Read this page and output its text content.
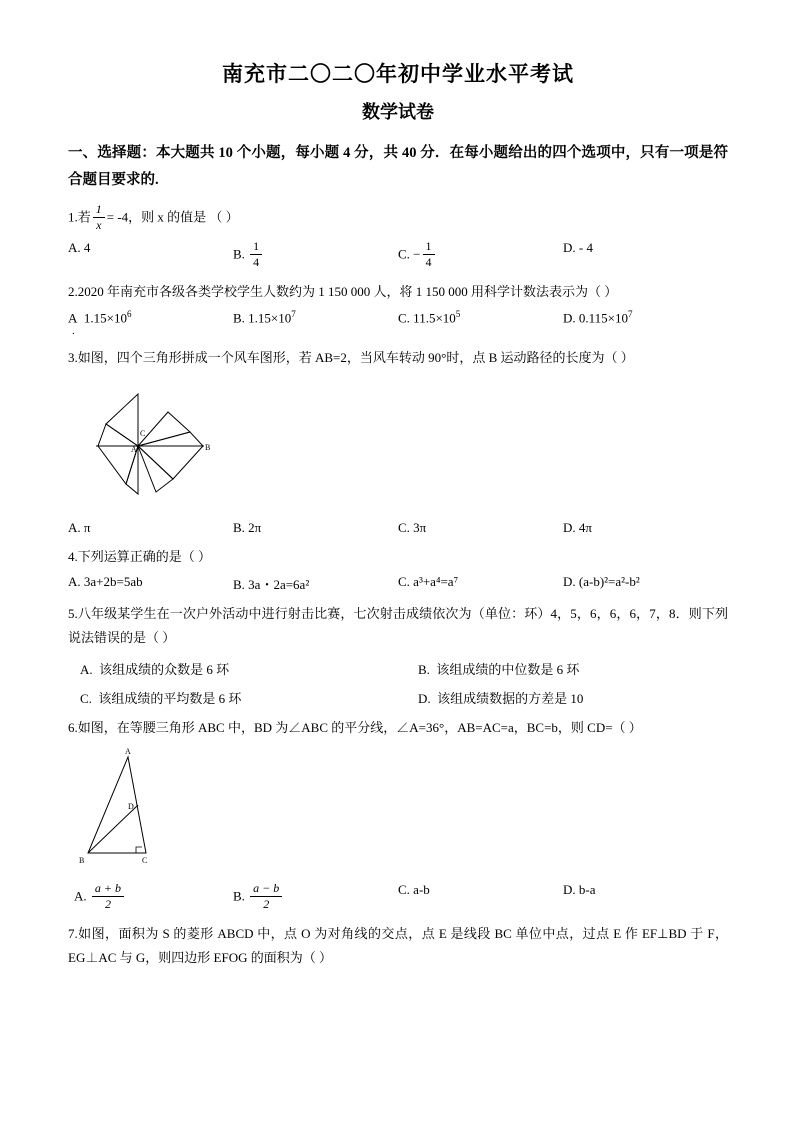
南充市二〇二〇年初中学业水平考试
数学试卷
一、选择题：本大题共 10 个小题，每小题 4 分，共 40 分．在每小题给出的四个选项中，只有一项是符合题目要求的.
1.若 $\frac{1}{x} = -4$，则 x 的值是 （ ）
A. 4	B. $\frac{1}{4}$	C. − $\frac{1}{4}$	D. - 4
2.2020 年南充市各级各类学校学生人数约为 1 150 000 人，将 1 150 000 用科学计数法表示为（ ）
A $1.15\times 10^6$	B. $1.15\times 10^7$	C. $11.5\times 10^5$	D. $0.115\times 10^7$
.
3.如图，四个三角形拼成一个风车图形，若 AB=2，当风车转动 90°时，点 B 运动路径的长度为（ ）
C
B
A
A. π	B. 2π	C. 3π	D. 4π
4.下列运算正确的是（ ）
A. 3a+2b=5ab	B. 3a・2a=6a²	C. a³+a⁴=a⁷	D. (a-b)²=a²-b²
5.八年级某学生在一次户外活动中进行射击比赛，七次射击成绩依次为（单位：环）4，5，6，6，6，7，8．则下列说法错误的是（ ）
A. 该组成绩的众数是 6 环	B. 该组成绩的中位数是 6 环
C. 该组成绩的平均数是 6 环	D. 该组成绩数据的方差是 10
6.如图，在等腰三角形 ABC 中，BD 为∠ABC 的平分线，∠A=36°，AB=AC=a，BC=b，则 CD=（ ）
A
B	C
D
A. $\frac{a + b}{2}$	B. $\frac{a - b}{2}$	C. a-b	D. b-a
7.如图，面积为 S 的菱形 ABCD 中，点 O 为对角线的交点，点 E 是线段 BC 单位中点，过点 E 作 EF⊥BD 于 F，EG⊥AC 与 G，则四边形 EFOG 的面积为（ ）
